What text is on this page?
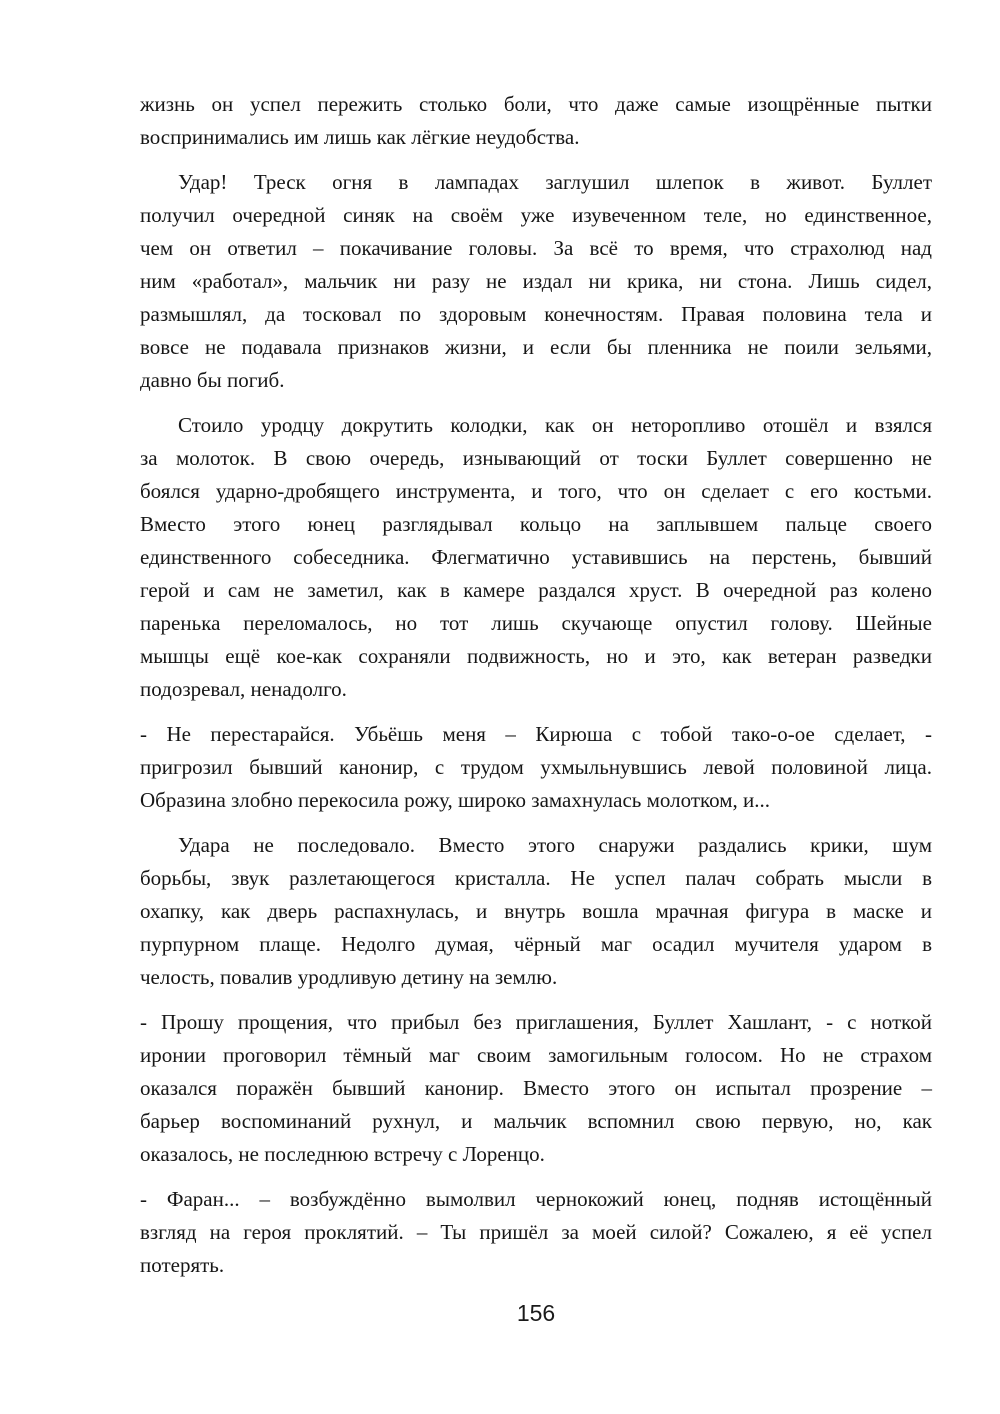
жизнь он успел пережить столько боли, что даже самые изощрённые пытки
воспринимались им лишь как лёгкие неудобства.
Удар! Треск огня в лампадах заглушил шлепок в живот. Буллет
получил очередной синяк на своём уже изувеченном теле, но единственное,
чем он ответил – покачивание головы. За всё то время, что страхолюд над
ним «работал», мальчик ни разу не издал ни крика, ни стона. Лишь сидел,
размышлял, да тосковал по здоровым конечностям. Правая половина тела и
вовсе не подавала признаков жизни, и если бы пленника не поили зельями,
давно бы погиб.
Стоило уродцу докрутить колодки, как он неторопливо отошёл и взялся
за молоток. В свою очередь, изнывающий от тоски Буллет совершенно не
боялся ударно-дробящего инструмента, и того, что он сделает с его костьми.
Вместо этого юнец разглядывал кольцо на заплывшем пальце своего
единственного собеседника. Флегматично уставившись на перстень, бывший
герой и сам не заметил, как в камере раздался хруст. В очередной раз колено
паренька переломалось, но тот лишь скучающе опустил голову. Шейные
мышцы ещё кое-как сохраняли подвижность, но и это, как ветеран разведки
подозревал, ненадолго.
- Не перестарайся. Убьёшь меня – Кирюша с тобой тако-о-ое сделает, -
пригрозил бывший канонир, с трудом ухмыльнувшись левой половиной лица.
Образина злобно перекосила рожу, широко замахнулась молотком, и...
Удара не последовало. Вместо этого снаружи раздались крики, шум
борьбы, звук разлетающегося кристалла. Не успел палач собрать мысли в
охапку, как дверь распахнулась, и внутрь вошла мрачная фигура в маске и
пурпурном плаще. Недолго думая, чёрный маг осадил мучителя ударом в
челость, повалив уродливую детину на землю.
- Прошу прощения, что прибыл без приглашения, Буллет Хашлант, - с ноткой
иронии проговорил тёмный маг своим замогильным голосом. Но не страхом
оказался поражён бывший канонир. Вместо этого он испытал прозрение –
барьер воспоминаний рухнул, и мальчик вспомнил свою первую, но, как
оказалось, не последнюю встречу с Лоренцо.
- Фаран... – возбуждённо вымолвил чернокожий юнец, подняв истощённый
взгляд на героя проклятий. – Ты пришёл за моей силой? Сожалею, я её успел
потерять.
156
